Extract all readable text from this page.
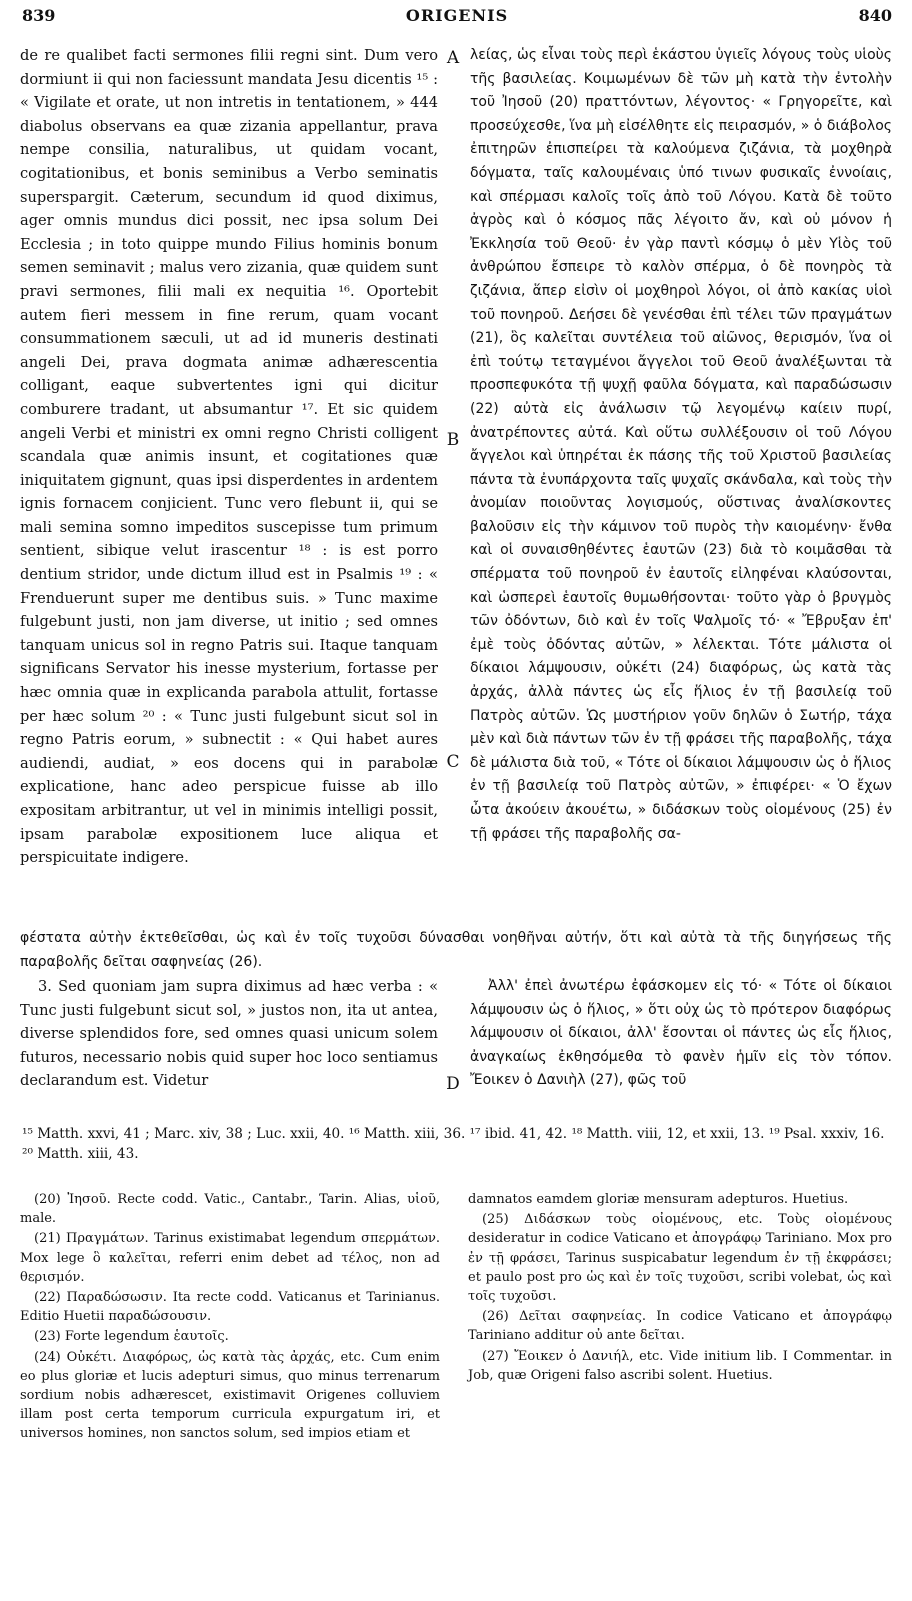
839	ORIGENIS	840

de re qualibet facti sermones filii regni sint. Dum vero dormiunt ii qui non faciessunt mandata Jesu dicentis ¹⁵ : « Vigilate et orate, ut non intretis in tentationem, » 444 diabolus observans ea quæ zizania appellantur, prava nempe consilia, naturalibus, ut quidam vocant, cogitationibus, et bonis seminibus a Verbo seminatis superspargit. Cæterum, secundum id quod diximus, ager omnis mundus dici possit, nec ipsa solum Dei Ecclesia ; in toto quippe mundo Filius hominis bonum semen seminavit ; malus vero zizania, quæ quidem sunt pravi sermones, filii mali ex nequitia ¹⁶. Oportebit autem fieri messem in fine rerum, quam vocant consummationem sæculi, ut ad id muneris destinati angeli Dei, prava dogmata animæ adhærescentia colligant, eaque subvertentes igni qui dicitur comburere tradant, ut absumantur ¹⁷. Et sic quidem angeli Verbi et ministri ex omni regno Christi colligent scandala quæ animis insunt, et cogitationes quæ iniquitatem gignunt, quas ipsi disperdentes in ardentem ignis fornacem conjicient. Tunc vero flebunt ii, qui se mali semina somno impeditos suscepisse tum primum sentient, sibique velut irascentur ¹⁸ : is est porro dentium stridor, unde dictum illud est in Psalmis ¹⁹ : « Frenduerunt super me dentibus suis. » Tunc maxime fulgebunt justi, non jam diverse, ut initio ; sed omnes tanquam unicus sol in regno Patris sui. Itaque tanquam significans Servator his inesse mysterium, fortasse per hæc omnia quæ in explicanda parabola attulit, fortasse per hæc solum ²⁰ : « Tunc justi fulgebunt sicut sol in regno Patris eorum, » subnectit : « Qui habet aures audiendi, audiat, » eos docens qui in parabolæ explicatione, hanc adeo perspicue fuisse ab illo expositam arbitrantur, ut vel in minimis intelligi possit, ipsam parabolæ expositionem luce aliqua et perspicuitate indigere.

λείας, ὡς εἶναι τοὺς περὶ ἑκάστου ὑγιεῖς λόγους τοὺς υἱοὺς τῆς βασιλείας. Κοιμωμένων δὲ τῶν μὴ κατὰ τὴν ἐντολὴν τοῦ Ἰησοῦ (20) πραττόντων, λέγοντος· « Γρηγορεῖτε, καὶ προσεύχεσθε, ἵνα μὴ εἰσέλθητε εἰς πειρασμόν, » ὁ διάβολος ἐπιτηρῶν ἐπισπείρει τὰ καλούμενα ζιζάνια, τὰ μοχθηρὰ δόγματα, ταῖς καλουμέναις ὑπό τινων φυσικαῖς ἐννοίαις, καὶ σπέρμασι καλοῖς τοῖς ἀπὸ τοῦ Λόγου. Κατὰ δὲ τοῦτο ἀγρὸς καὶ ὁ κόσμος πᾶς λέγοιτο ἄν, καὶ οὐ μόνον ἡ Ἐκκλησία τοῦ Θεοῦ· ἐν γὰρ παντὶ κόσμῳ ὁ μὲν Υἱὸς τοῦ ἀνθρώπου ἔσπειρε τὸ καλὸν σπέρμα, ὁ δὲ πονηρὸς τὰ ζιζάνια, ἅπερ εἰσὶν οἱ μοχθηροὶ λόγοι, οἱ ἀπὸ κακίας υἱοὶ τοῦ πονηροῦ. Δεήσει δὲ γενέσθαι ἐπὶ τέλει τῶν πραγμάτων (21), ὃς καλεῖται συντέλεια τοῦ αἰῶνος, θερισμόν, ἵνα οἱ ἐπὶ τούτῳ τεταγμένοι ἄγγελοι τοῦ Θεοῦ ἀναλέξωνται τὰ προσπεφυκότα τῇ ψυχῇ φαῦλα δόγματα, καὶ παραδώσωσιν (22) αὐτὰ εἰς ἀνάλωσιν τῷ λεγομένῳ καίειν πυρί, ἀνατρέποντες αὐτά. Καὶ οὕτω συλλέξουσιν οἱ τοῦ Λόγου ἄγγελοι καὶ ὑπηρέται ἐκ πάσης τῆς τοῦ Χριστοῦ βασιλείας πάντα τὰ ἐνυπάρχοντα ταῖς ψυχαῖς σκάνδαλα, καὶ τοὺς τὴν ἀνομίαν ποιοῦντας λογισμούς, οὕστινας ἀναλίσκοντες βαλοῦσιν εἰς τὴν κάμινον τοῦ πυρὸς τὴν καιομένην· ἔνθα καὶ οἱ συναισθηθέντες ἑαυτῶν (23) διὰ τὸ κοιμᾶσθαι τὰ σπέρματα τοῦ πονηροῦ ἐν ἑαυτοῖς εἰληφέναι κλαύσονται, καὶ ὡσπερεὶ ἑαυτοῖς θυμωθήσονται· τοῦτο γὰρ ὁ βρυγμὸς τῶν ὀδόντων, διὸ καὶ ἐν τοῖς Ψαλμοῖς τό· « Ἔβρυξαν ἐπ' ἐμὲ τοὺς ὀδόντας αὐτῶν, » λέλεκται. Τότε μάλιστα οἱ δίκαιοι λάμψουσιν, οὐκέτι (24) διαφόρως, ὡς κατὰ τὰς ἀρχάς, ἀλλὰ πάντες ὡς εἷς ἥλιος ἐν τῇ βασιλείᾳ τοῦ Πατρὸς αὐτῶν. Ὡς μυστήριον γοῦν δηλῶν ὁ Σωτήρ, τάχα μὲν καὶ διὰ πάντων τῶν ἐν τῇ φράσει τῆς παραβολῆς, τάχα δὲ μάλιστα διὰ τοῦ, « Τότε οἱ δίκαιοι λάμψουσιν ὡς ὁ ἥλιος ἐν τῇ βασιλείᾳ τοῦ Πατρὸς αὐτῶν, » ἐπιφέρει· « Ὁ ἔχων ὦτα ἀκούειν ἀκουέτω, » διδάσκων τοὺς οἰομένους (25) ἐν τῇ φράσει τῆς παραβολῆς σα-

A
B
C
D
φέστατα αὐτὴν ἐκτεθεῖσθαι, ὡς καὶ ἐν τοῖς τυχοῦσι δύνασθαι νοηθῆναι αὐτήν, ὅτι καὶ αὐτὰ τὰ τῆς διηγήσεως τῆς παραβολῆς δεῖται σαφηνείας (26).

3. Sed quoniam jam supra diximus ad hæc verba : « Tunc justi fulgebunt sicut sol, » justos non, ita ut antea, diverse splendidos fore, sed omnes quasi unicum solem futuros, necessario nobis quid super hoc loco sentiamus declarandum est. Videtur

Ἀλλ' ἐπεὶ ἀνωτέρω ἐφάσκομεν εἰς τό· « Τότε οἱ δίκαιοι λάμψουσιν ὡς ὁ ἥλιος, » ὅτι οὐχ ὡς τὸ πρότερον διαφόρως λάμψουσιν οἱ δίκαιοι, ἀλλ' ἔσονται οἱ πάντες ὡς εἷς ἥλιος, ἀναγκαίως ἐκθησόμεθα τὸ φανὲν ἡμῖν εἰς τὸν τόπον. Ἔοικεν ὁ Δανιὴλ (27), φῶς τοῦ

¹⁵ Matth. xxvi, 41 ; Marc. xiv, 38 ; Luc. xxii, 40. ¹⁶ Matth. xiii, 36. ¹⁷ ibid. 41, 42. ¹⁸ Matth. viii, 12, et xxii, 13. ¹⁹ Psal. xxxiv, 16. ²⁰ Matth. xiii, 43.

(20) Ἰησοῦ. Recte codd. Vatic., Cantabr., Tarin. Alias, υἱοῦ, male.

(21) Πραγμάτων. Tarinus existimabat legendum σπερμάτων. Mox lege ὃ καλεῖται, referri enim debet ad τέλος, non ad θερισμόν.

(22) Παραδώσωσιν. Ita recte codd. Vaticanus et Tarinianus. Editio Huetii παραδώσουσιν.

(23) Forte legendum ἑαυτοῖς.

(24) Οὐκέτι. Διαφόρως, ὡς κατὰ τὰς ἀρχάς, etc. Cum enim eo plus gloriæ et lucis adepturi simus, quo minus terrenarum sordium nobis adhærescet, existimavit Origenes colluviem illam post certa temporum curricula expurgatum iri, et universos homines, non sanctos solum, sed impios etiam et

damnatos eamdem gloriæ mensuram adepturos. Huetius.

(25) Διδάσκων τοὺς οἰομένους, etc. Τοὺς οἰομένους desideratur in codice Vaticano et ἀπογράφῳ Tariniano. Mox pro ἐν τῇ φράσει, Tarinus suspicabatur legendum ἐν τῇ ἐκφράσει; et paulo post pro ὡς καὶ ἐν τοῖς τυχοῦσι, scribi volebat, ὡς καὶ τοῖς τυχοῦσι.

(26) Δεῖται σαφηνείας. In codice Vaticano et ἀπογράφῳ Tariniano additur οὐ ante δεῖται.

(27) Ἔοικεν ὁ Δανιήλ, etc. Vide initium lib. I Commentar. in Job, quæ Origeni falso ascribi solent. Huetius.
